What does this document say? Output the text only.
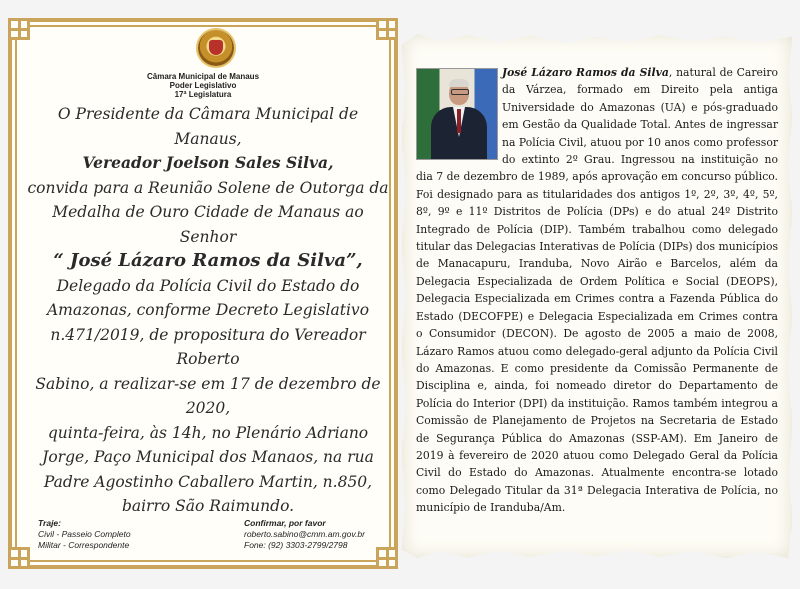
Câmara Municipal de Manaus
Poder Legislativo
17ª Legislatura
O Presidente da Câmara Municipal de Manaus,
Vereador Joelson Sales Silva,
convida para a Reunião Solene de Outorga da
Medalha de Ouro Cidade de Manaus ao
Senhor
“ José Lázaro Ramos da Silva”,
Delegado da Polícia Civil do Estado do
Amazonas, conforme Decreto Legislativo
n.471/2019, de propositura do Vereador Roberto
Sabino, a realizar-se em 17 de dezembro de 2020,
quinta-feira, às 14h, no Plenário Adriano
Jorge, Paço Municipal dos Manaos, na rua
Padre Agostinho Caballero Martin, n.850,
bairro São Raimundo.
Traje:
Civil - Passeio Completo
Militar - Correspondente
Confirmar, por favor
roberto.sabino@cmm.am.gov.br
Fone: (92) 3303-2799/2798
José Lázaro Ramos da Silva, natural de Careiro da Várzea, formado em Direito pela antiga Universidade do Amazonas (UA) e pós-graduado em Gestão da Qualidade Total. Antes de ingressar na Polícia Civil, atuou por 10 anos como professor do extinto 2º Grau. Ingressou na instituição no dia 7 de dezembro de 1989, após aprovação em concurso público. Foi designado para as titularidades dos antigos 1º, 2º, 3º, 4º, 5º, 8º, 9º e 11º Distritos de Polícia (DPs) e do atual 24º Distrito Integrado de Polícia (DIP). Também trabalhou como delegado titular das Delegacias Interativas de Polícia (DIPs) dos municípios de Manacapuru, Iranduba, Novo Airão e Barcelos, além da Delegacia Especializada de Ordem Política e Social (DEOPS), Delegacia Especializada em Crimes contra a Fazenda Pública do Estado (DECOFPE) e Delegacia Especializada em Crimes contra o Consumidor (DECON). De agosto de 2005 a maio de 2008, Lázaro Ramos atuou como delegado-geral adjunto da Polícia Civil do Amazonas. E como presidente da Comissão Permanente de Disciplina e, ainda, foi nomeado diretor do Departamento de Polícia do Interior (DPI) da instituição. Ramos também integrou a Comissão de Planejamento de Projetos na Secretaria de Estado de Segurança Pública do Amazonas (SSP-AM). Em Janeiro de 2019 à fevereiro de 2020 atuou como Delegado Geral da Polícia Civil do Estado do Amazonas. Atualmente encontra-se lotado como Delegado Titular da 31ª Delegacia Interativa de Polícia, no município de Iranduba/Am.
